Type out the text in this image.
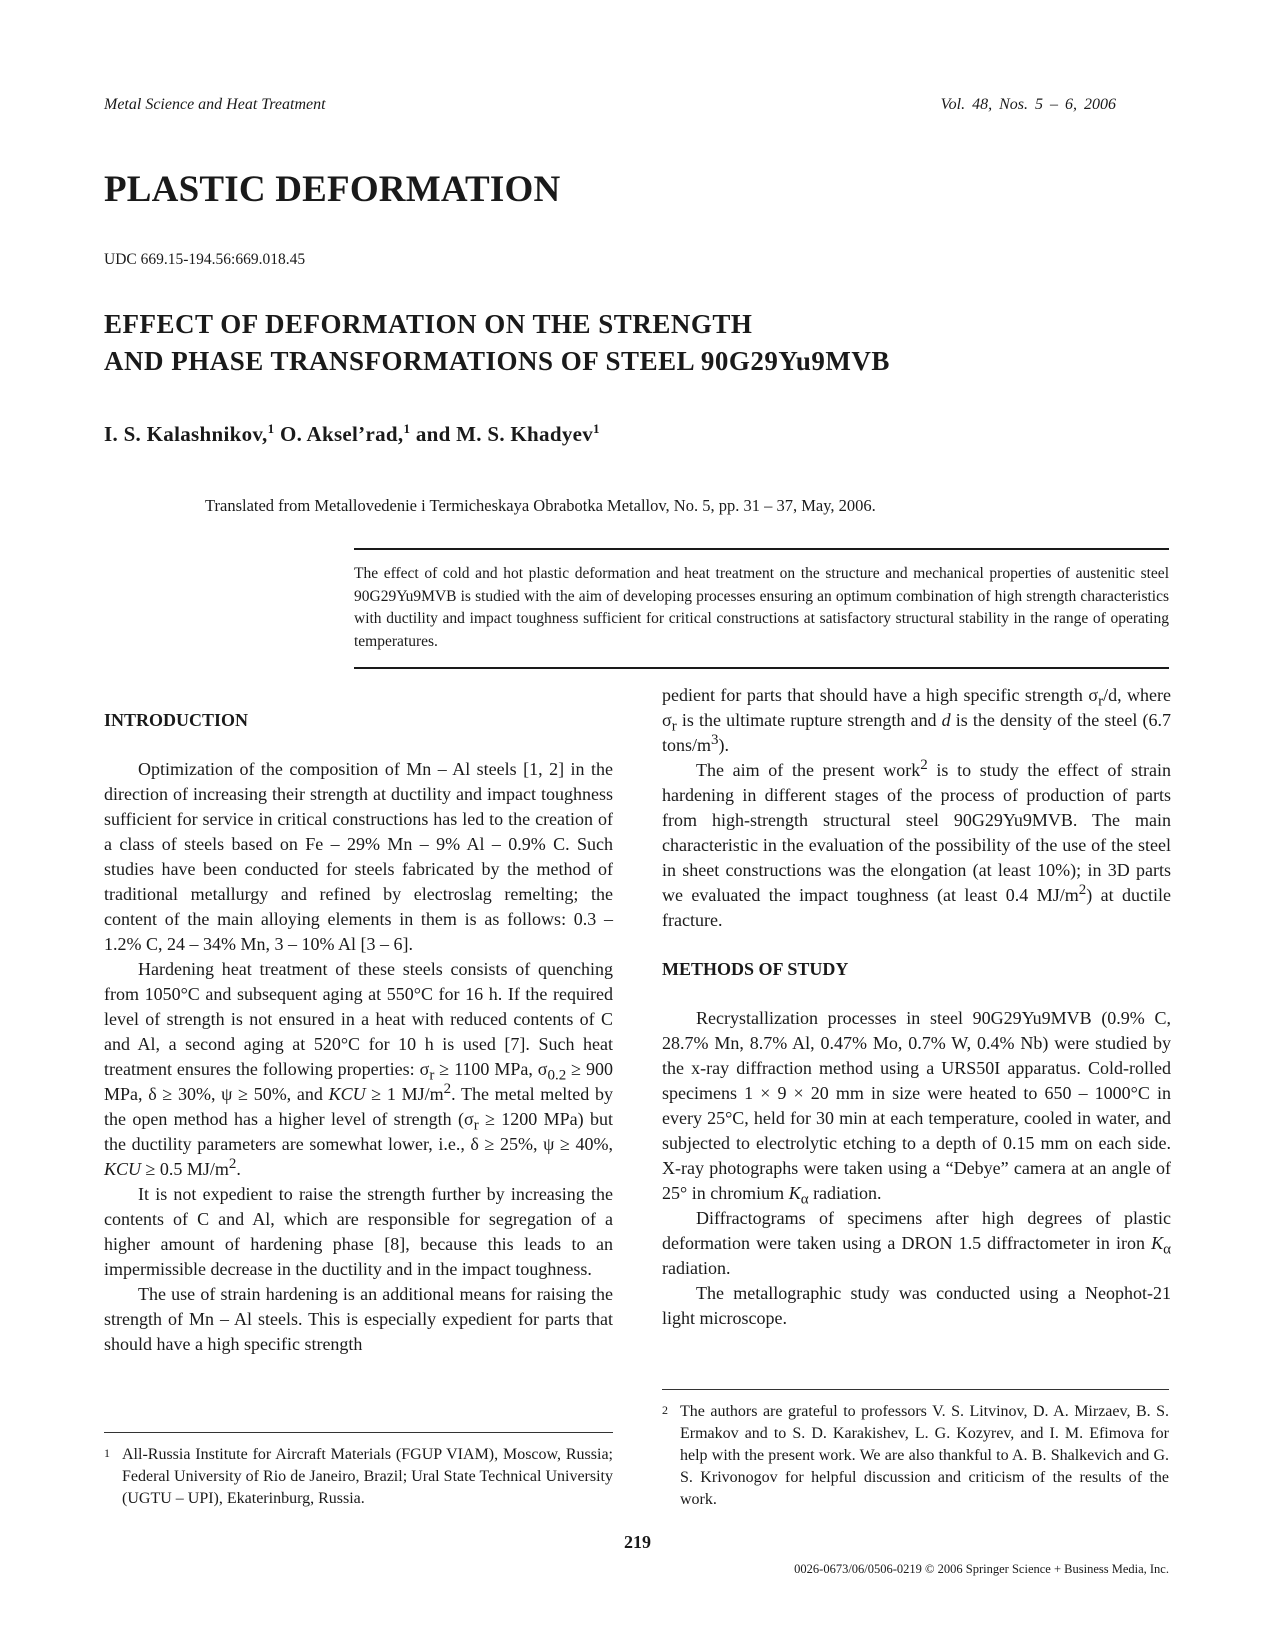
Metal Science and Heat Treatment	Vol. 48, Nos. 5 – 6, 2006
PLASTIC DEFORMATION
UDC 669.15-194.56:669.018.45
EFFECT OF DEFORMATION ON THE STRENGTH
AND PHASE TRANSFORMATIONS OF STEEL 90G29Yu9MVB
I. S. Kalashnikov,$^1$ O. Aksel’rad,$^1$ and M. S. Khadyev$^1$
Translated from Metallovedenie i Termicheskaya Obrabotka Metallov, No. 5, pp. 31 – 37, May, 2006.
The effect of cold and hot plastic deformation and heat treatment on the structure and mechanical properties of austenitic steel 90G29Yu9MVB is studied with the aim of developing processes ensuring an optimum combination of high strength characteristics with ductility and impact toughness sufficient for critical constructions at satisfactory structural stability in the range of operating temperatures.

INTRODUCTION

Optimization of the composition of Mn – Al steels [1, 2] in the direction of increasing their strength at ductility and impact toughness sufficient for service in critical constructions has led to the creation of a class of steels based on Fe – 29% Mn – 9% Al – 0.9% C. Such studies have been conducted for steels fabricated by the method of traditional metallurgy and refined by electroslag remelting; the content of the main alloying elements in them is as follows: 0.3 – 1.2% C, 24 – 34% Mn, 3 – 10% Al [3 – 6].

Hardening heat treatment of these steels consists of quenching from 1050°C and subsequent aging at 550°C for 16 h. If the required level of strength is not ensured in a heat with reduced contents of C and Al, a second aging at 520°C for 10 h is used [7]. Such heat treatment ensures the following properties: $\sigma_r \ge 1100$ MPa, $\sigma_{0.2} \ge 900$ MPa, δ ≥ 30%, ψ ≥ 50%, and KCU ≥ 1 $MJ/m^2$. The metal melted by the open method has a higher level of strength ($\sigma_r \ge 1200$ MPa) but the ductility parameters are somewhat lower, i.e., δ ≥ 25%, ψ ≥ 40%, KCU ≥ 0.5 $MJ/m^2$.

It is not expedient to raise the strength further by increasing the contents of C and Al, which are responsible for segregation of a higher amount of hardening phase [8], because this leads to an impermissible decrease in the ductility and in the impact toughness.

The use of strain hardening is an additional means for raising the strength of Mn – Al steels. This is especially expedient for parts that should have a high specific strength

pedient for parts that should have a high specific strength $\sigma_r/d$, where $\sigma_r$ is the ultimate rupture strength and d is the density of the steel (6.7 tons/$m^3$).

The aim of the present work$^2$ is to study the effect of strain hardening in different stages of the process of production of parts from high-strength structural steel 90G29Yu9MVB. The main characteristic in the evaluation of the possibility of the use of the steel in sheet constructions was the elongation (at least 10%); in 3D parts we evaluated the impact toughness (at least 0.4 $MJ/m^2$) at ductile fracture.

METHODS OF STUDY

Recrystallization processes in steel 90G29Yu9MVB (0.9% C, 28.7% Mn, 8.7% Al, 0.47% Mo, 0.7% W, 0.4% Nb) were studied by the x-ray diffraction method using a URS50I apparatus. Cold-rolled specimens 1 × 9 × 20 mm in size were heated to 650 – 1000°C in every 25°C, held for 30 min at each temperature, cooled in water, and subjected to electrolytic etching to a depth of 0.15 mm on each side. X-ray photographs were taken using a “Debye” camera at an angle of 25° in chromium $K_\alpha$ radiation.

Diffractograms of specimens after high degrees of plastic deformation were taken using a DRON 1.5 diffractometer in iron $K_\alpha$ radiation.

The metallographic study was conducted using a Neophot-21 light microscope.

1 All-Russia Institute for Aircraft Materials (FGUP VIAM), Moscow, Russia; Federal University of Rio de Janeiro, Brazil; Ural State Technical University (UGTU – UPI), Ekaterinburg, Russia.
2 The authors are grateful to professors V. S. Litvinov, D. A. Mirzaev, B. S. Ermakov and to S. D. Karakishev, L. G. Kozyrev, and I. M. Efimova for help with the present work. We are also thankful to A. B. Shalkevich and G. S. Krivonogov for helpful discussion and criticism of the results of the work.
219
0026-0673/06/0506-0219 © 2006 Springer Science + Business Media, Inc.
